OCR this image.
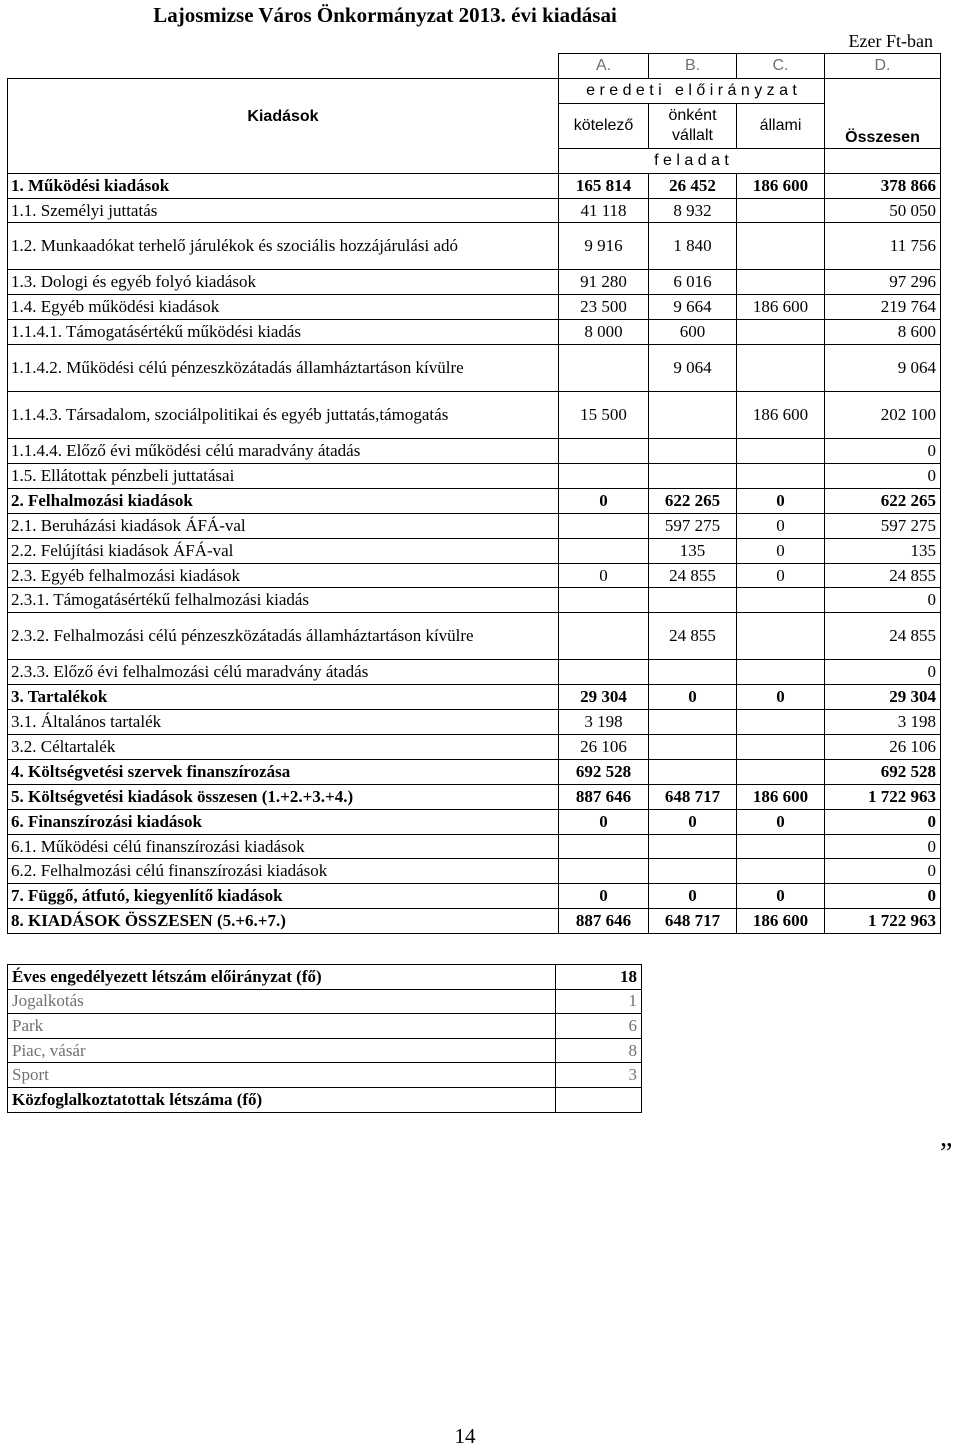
Lajosmizse Város Önkormányzat 2013. évi kiadásai
Ezer Ft-ban
	A.	B.	C.	D.
Kiadások	e r e d e t i   e l ő i r á n y z a t			Összesen
	kötelező	önként vállalt	állami	
	f e l a d a t			
1. Működési kiadások	165 814	26 452	186 600	378 866
1.1. Személyi juttatás	41 118	8 932		50 050
1.2. Munkaadókat terhelő járulékok és szociális hozzájárulási adó	9 916	1 840		11 756
1.3. Dologi és egyéb folyó kiadások	91 280	6 016		97 296
1.4. Egyéb működési kiadások	23 500	9 664	186 600	219 764
1.1.4.1. Támogatásértékű működési kiadás	8 000	600		8 600
1.1.4.2. Működési célú pénzeszközátadás államháztartáson kívülre		9 064		9 064
1.1.4.3. Társadalom, szociálpolitikai és egyéb juttatás,támogatás	15 500		186 600	202 100
1.1.4.4. Előző évi működési célú maradvány átadás				0
1.5. Ellátottak pénzbeli juttatásai				0
2. Felhalmozási kiadások	0	622 265	0	622 265
2.1. Beruházási kiadások ÁFÁ-val		597 275	0	597 275
2.2. Felújítási kiadások ÁFÁ-val		135	0	135
2.3. Egyéb felhalmozási kiadások	0	24 855	0	24 855
2.3.1. Támogatásértékű felhalmozási kiadás				0
2.3.2. Felhalmozási célú pénzeszközátadás államháztartáson kívülre		24 855		24 855
2.3.3. Előző évi felhalmozási célú maradvány átadás				0
3. Tartalékok	29 304	0	0	29 304
3.1. Általános tartalék	3 198			3 198
3.2. Céltartalék	26 106			26 106
4. Költségvetési szervek finanszírozása	692 528			692 528
5. Költségvetési kiadások összesen (1.+2.+3.+4.)	887 646	648 717	186 600	1 722 963
6. Finanszírozási kiadások	0	0	0	0
6.1. Működési célú finanszírozási kiadások				0
6.2. Felhalmozási célú finanszírozási kiadások				0
7. Függő, átfutó, kiegyenlítő kiadások	0	0	0	0
8. KIADÁSOK ÖSSZESEN (5.+6.+7.)	887 646	648 717	186 600	1 722 963
Éves engedélyezett létszám előirányzat (fő)	18
Jogalkotás	1
Park	6
Piac, vásár	8
Sport	3
Közfoglalkoztatottak létszáma (fő)	
„
14
